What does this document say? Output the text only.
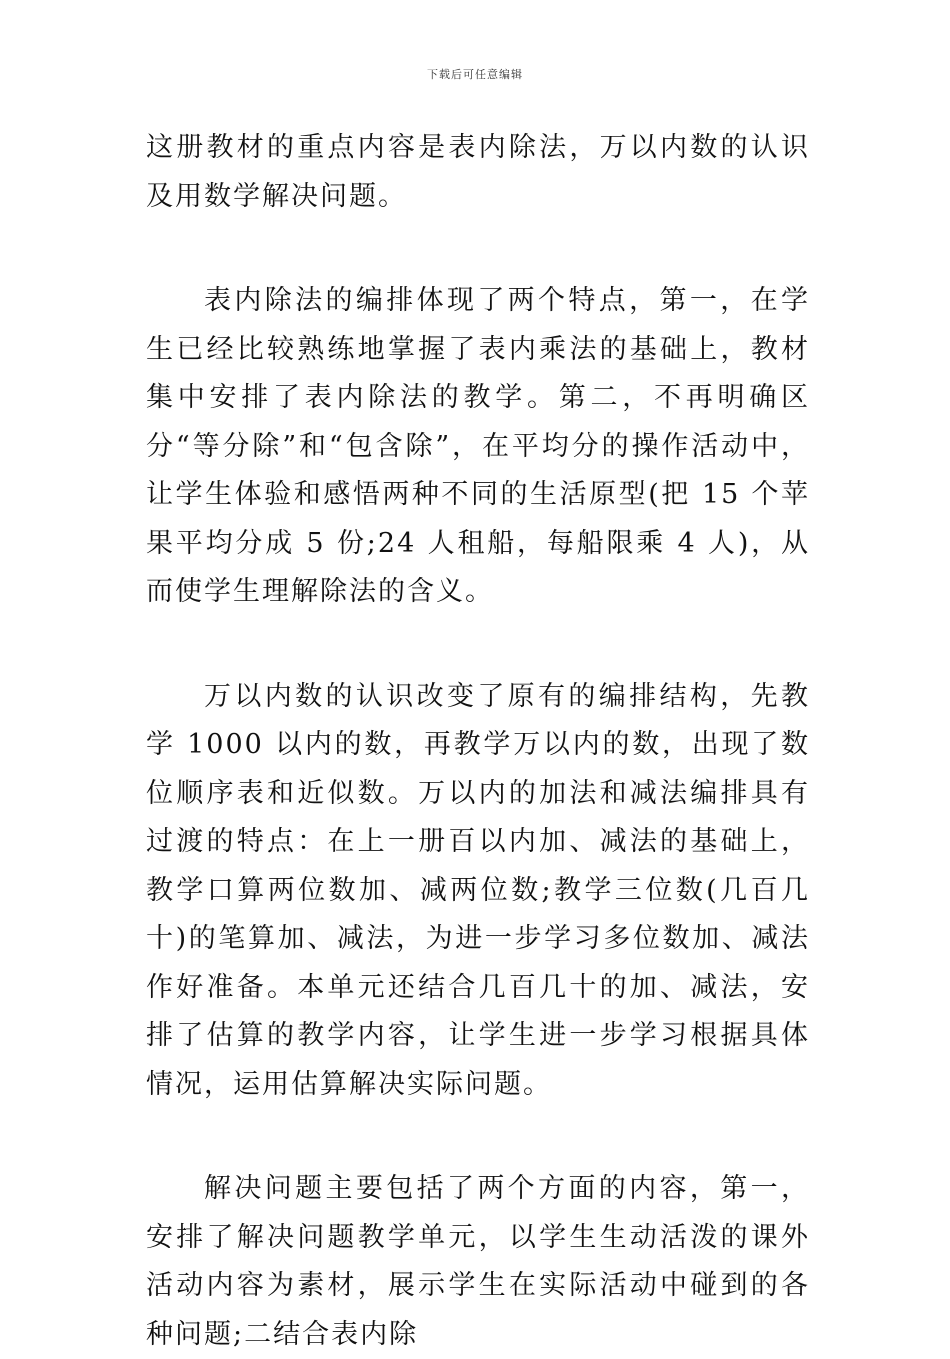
下载后可任意编辑

这册教材的重点内容是表内除法，万以内数的认识及用数学解决问题。

表内除法的编排体现了两个特点，第一，在学生已经比较熟练地掌握了表内乘法的基础上，教材集中安排了表内除法的教学。第二，不再明确区分“等分除”和“包含除”，在平均分的操作活动中，让学生体验和感悟两种不同的生活原型(把 15 个苹果平均分成 5 份;24 人租船，每船限乘 4 人)，从而使学生理解除法的含义。

万以内数的认识改变了原有的编排结构，先教学 1000 以内的数，再教学万以内的数，出现了数位顺序表和近似数。万以内的加法和减法编排具有过渡的特点：在上一册百以内加、减法的基础上，教学口算两位数加、减两位数;教学三位数(几百几十)的笔算加、减法，为进一步学习多位数加、减法作好准备。本单元还结合几百几十的加、减法，安排了估算的教学内容，让学生进一步学习根据具体情况，运用估算解决实际问题。

解决问题主要包括了两个方面的内容，第一，安排了解决问题教学单元，以学生生动活泼的课外活动内容为素材，展示学生在实际活动中碰到的各种问题;二结合表内除
